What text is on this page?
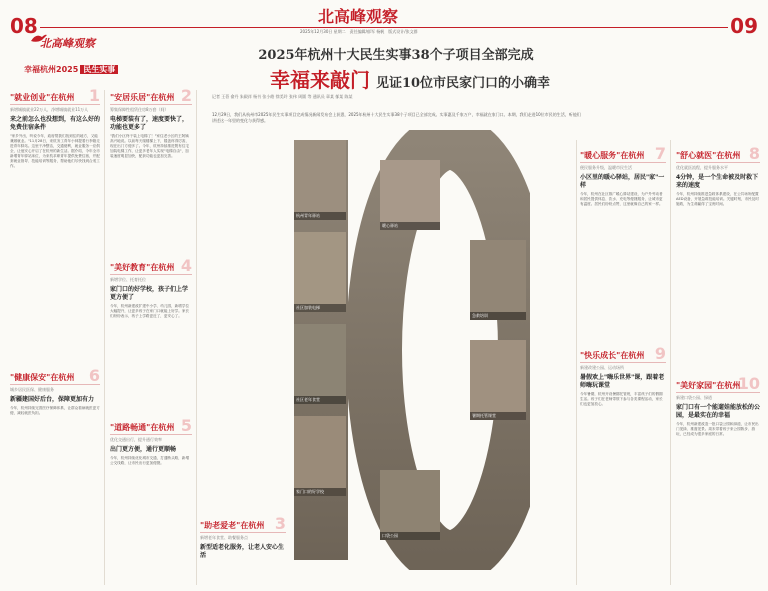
北高峰观察
2025年12月30日 星期二　责任编辑/郁军 杨帆　版式设计/张文群
08	09
北高峰观察
幸福杭州2025 民生实事
2025年杭州十大民生实事38个子项目全部完成
幸福来敲门 见证10位市民家门口的小确幸
记者 王蓓 俞丹 朱殿祥 杨书 张小皓 徐美玲 张伟 周圆 等 通讯员 章某 郁某 陈某
12月29日，我们从杭州市2025年民生实事项目完成情况新闻发布会上获悉，2025年杭州十大民生实事38个子项目已全部完成。实事惠及千家万户，幸福就在家门口。本期，我们走进10位市民的生活，听他们讲述这一年里的变化与获得感。
杭州青年驿站
社区加装电梯
社区老年食堂
家门口的好学校
暖心驿站
急救培训
暑期托管课堂
口袋公园
"就业创业"在杭州 1
新增城镇就业22万人，净增城镇就业11万人
来之前怎么也没想到，有这么好的免费住宿条件
"家乡外出，听说今年，政府帮我们找到住的地方，又能兼顾就业。"11月28日，来杭务工青年小林提着行李箱走进青年驿站。这里干净整洁，交通便利，就业服务一应俱全，让他安心开启了在杭州的新生活。据介绍，今年全市新增青年驿站床位，为来杭求职青年提供免费住宿，并配套就业指导、技能培训等服务，帮助他们尽快找到合适工作。
"健康保安"在杭州 6
城乡居民医保、健康服务
新疆建国好后台，保障更加有力
今年，杭州持续完善医疗保障体系，让群众看病就医更方便，减轻就医负担。
"安居乐居"在杭州 2
筹集保障性租赁住房8万套（间）
电梯要装有了，速度要快了，功能也更多了
"我们小区终于装上电梯了！"家住老小区的王阿姨高兴地说。以前每天爬楼梯上下，膝盖疼得厉害，现在出门方便多了。今年，杭州持续推进既有住宅加装电梯工作，让更多老年人实现"电梯自由"，加装速度明显加快，配套功能也更加完善。
"美好教育"在杭州 4
新增学位、托育托位
家门口的好学校，孩子们上学更方便了
今年，杭州新建改扩建中小学、幼儿园，新增学位大幅提升，让更多孩子在家门口就能上好学。家长们纷纷表示，孩子上学路更近了，更安心了。
"道路畅通"在杭州 5
优化交通出行，提升通行效率
出门更方便，通行更顺畅
今年，杭州持续优化城市交通，打通断头路，新增公交线路，让市民出行更加便捷。
"助老爱老"在杭州 3
新增老年食堂、助餐服务点
新型适老化服务，让老人安心生活
"暖心服务"在杭州 7
便民服务升级，温暖市民生活
小区里的暖心驿站，居民"家"一样
今年，杭州在社区推广暖心驿站建设，为户外劳动者和居民提供休息、饮水、充电等便捷服务，让城市更有温度。居民们纷纷点赞，这里就像自己的家一样。
"快乐成长"在杭州 9
新建改建公园、运动场所
暑假欢上"嗨乐世界"课，跟着老师嗨玩课堂
今年暑期，杭州开设暑期托管班，丰富孩子们的假期生活。孩子们在老师带领下参与各类课程活动，家长们也更加放心。
"舒心就医"在杭州 8
优化就医流程，提升服务水平
4分钟，是一个生命被及时救下来的速度
今年，杭州持续推进急救体系建设，在公共场所配置AED设备，开展急救技能培训。关键时刻，市民及时施救，为生命赢得了宝贵时间。
"美好家园"在杭州
10
新建口袋公园、绿道
家门口有一个能遛娃能放松的公园，是最实在的幸福
今年，杭州新建改造一批口袋公园和绿道，让市民出门见绿、推窗见景。周末带着孩子来公园散步、游玩，已经成为很多家庭的日常。
